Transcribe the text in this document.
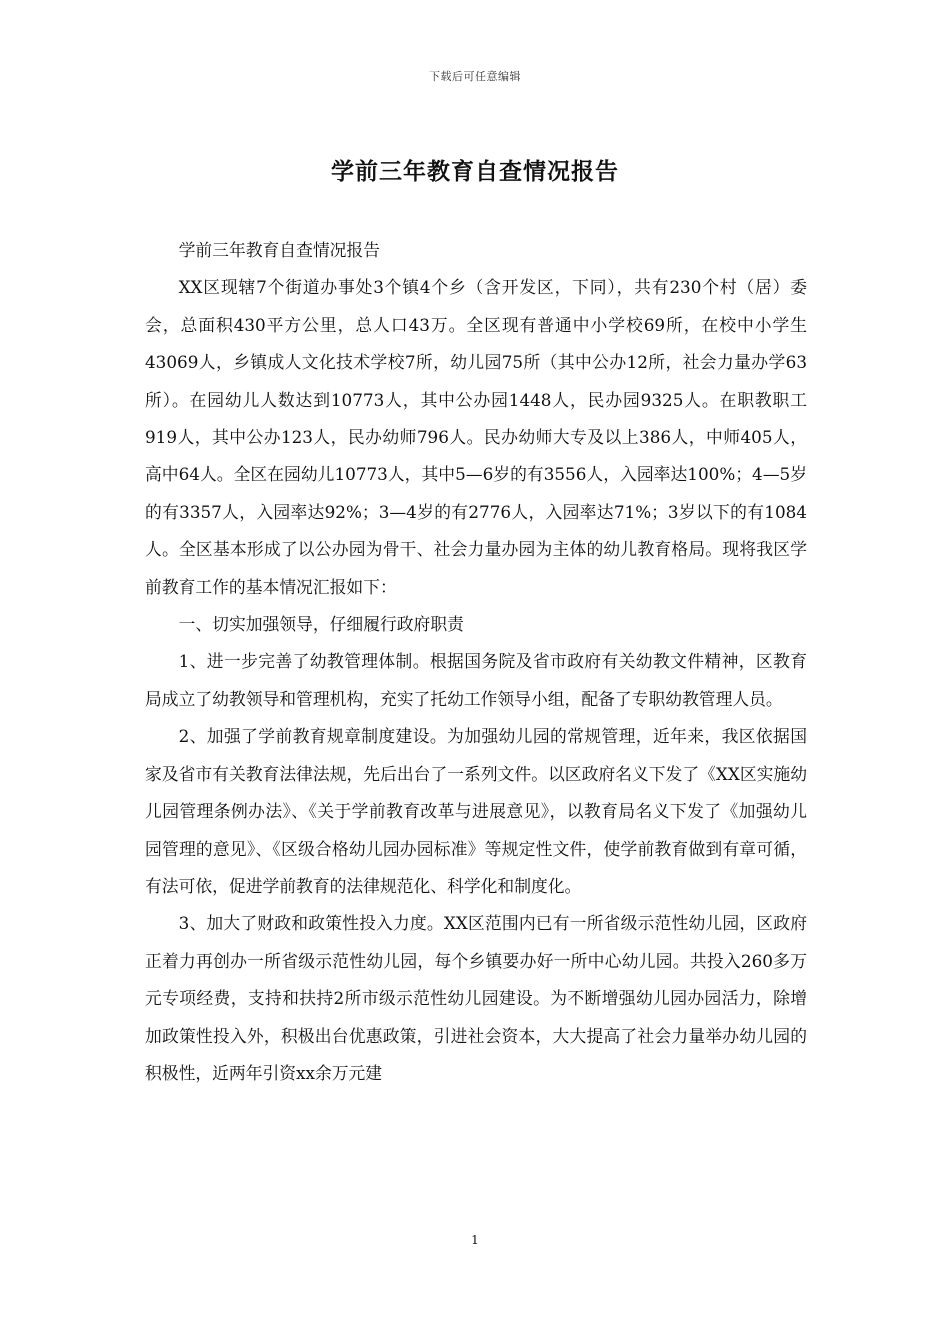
下载后可任意编辑
学前三年教育自查情况报告

学前三年教育自查情况报告

XX区现辖7个街道办事处3个镇4个乡（含开发区，下同），共有230个村（居）委会，总面积430平方公里，总人口43万。全区现有普通中小学校69所，在校中小学生43069人，乡镇成人文化技术学校7所，幼儿园75所（其中公办12所，社会力量办学63所）。在园幼儿人数达到10773人，其中公办园1448人，民办园9325人。在职教职工919人，其中公办123人，民办幼师796人。民办幼师大专及以上386人，中师405人，高中64人。全区在园幼儿10773人，其中5—6岁的有3556人，入园率达100%；4—5岁的有3357人，入园率达92%；3—4岁的有2776人，入园率达71%；3岁以下的有1084人。全区基本形成了以公办园为骨干、社会力量办园为主体的幼儿教育格局。现将我区学前教育工作的基本情况汇报如下：

一、切实加强领导，仔细履行政府职责

1、进一步完善了幼教管理体制。根据国务院及省市政府有关幼教文件精神，区教育局成立了幼教领导和管理机构，充实了托幼工作领导小组，配备了专职幼教管理人员。

2、加强了学前教育规章制度建设。为加强幼儿园的常规管理，近年来，我区依据国家及省市有关教育法律法规，先后出台了一系列文件。以区政府名义下发了《XX区实施幼儿园管理条例办法》、《关于学前教育改革与进展意见》，以教育局名义下发了《加强幼儿园管理的意见》、《区级合格幼儿园办园标准》等规定性文件，使学前教育做到有章可循，有法可依，促进学前教育的法律规范化、科学化和制度化。

3、加大了财政和政策性投入力度。XX区范围内已有一所省级示范性幼儿园，区政府正着力再创办一所省级示范性幼儿园，每个乡镇要办好一所中心幼儿园。共投入260多万元专项经费，支持和扶持2所市级示范性幼儿园建设。为不断增强幼儿园办园活力，除增加政策性投入外，积极出台优惠政策，引进社会资本，大大提高了社会力量举办幼儿园的积极性，近两年引资xx余万元建

1
